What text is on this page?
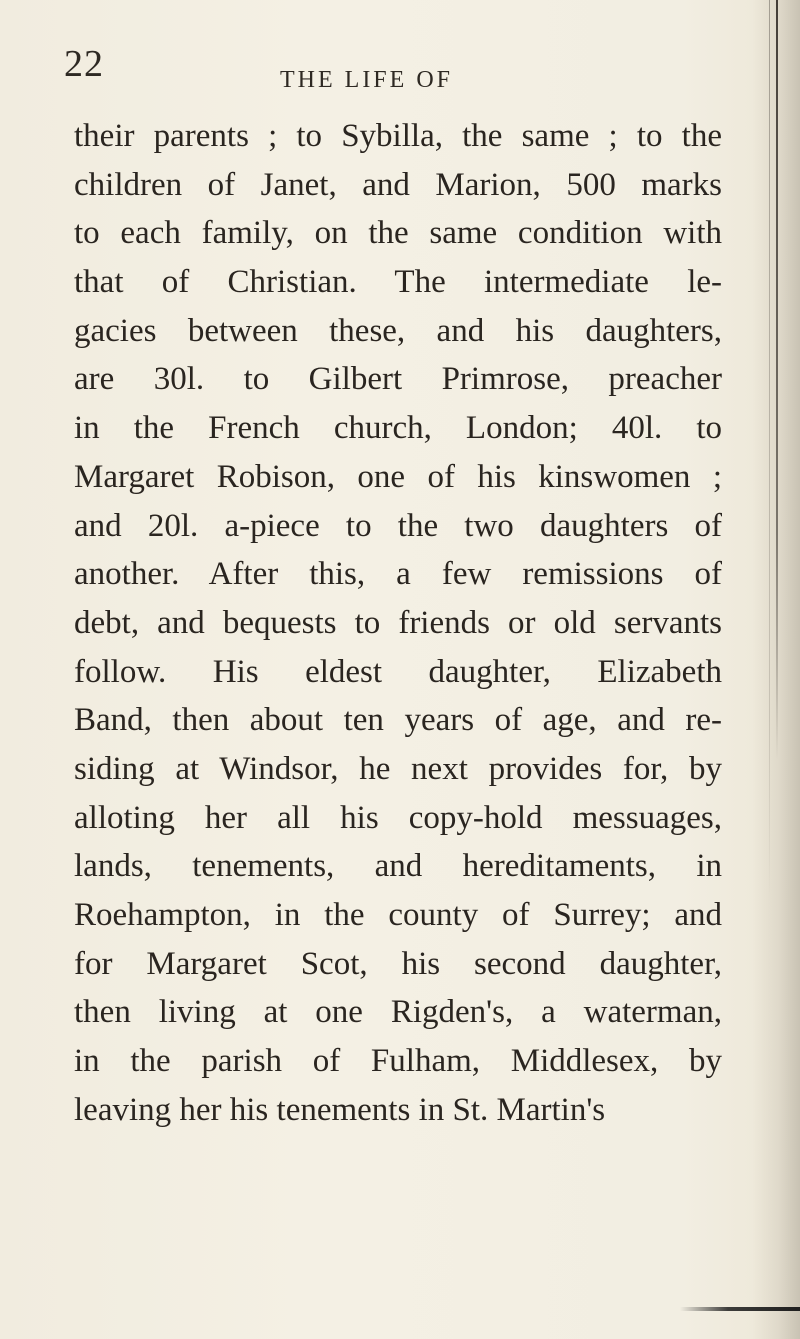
22	THE LIFE OF
their parents ; to Sybilla, the same ; to the
children of Janet, and Marion, 500 marks
to each family, on the same condition with
that of Christian. The intermediate le-
gacies between these, and his daughters,
are 30l. to Gilbert Primrose, preacher
in the French church, London; 40l. to
Margaret Robison, one of his kinswomen ;
and 20l. a-piece to the two daughters of
another. After this, a few remissions of
debt, and bequests to friends or old servants
follow. His eldest daughter, Elizabeth
Band, then about ten years of age, and re-
siding at Windsor, he next provides for, by
alloting her all his copy-hold messuages,
lands, tenements, and hereditaments, in
Roehampton, in the county of Surrey; and
for Margaret Scot, his second daughter,
then living at one Rigden's, a waterman,
in the parish of Fulham, Middlesex, by
leaving her his tenements in St. Martin's
